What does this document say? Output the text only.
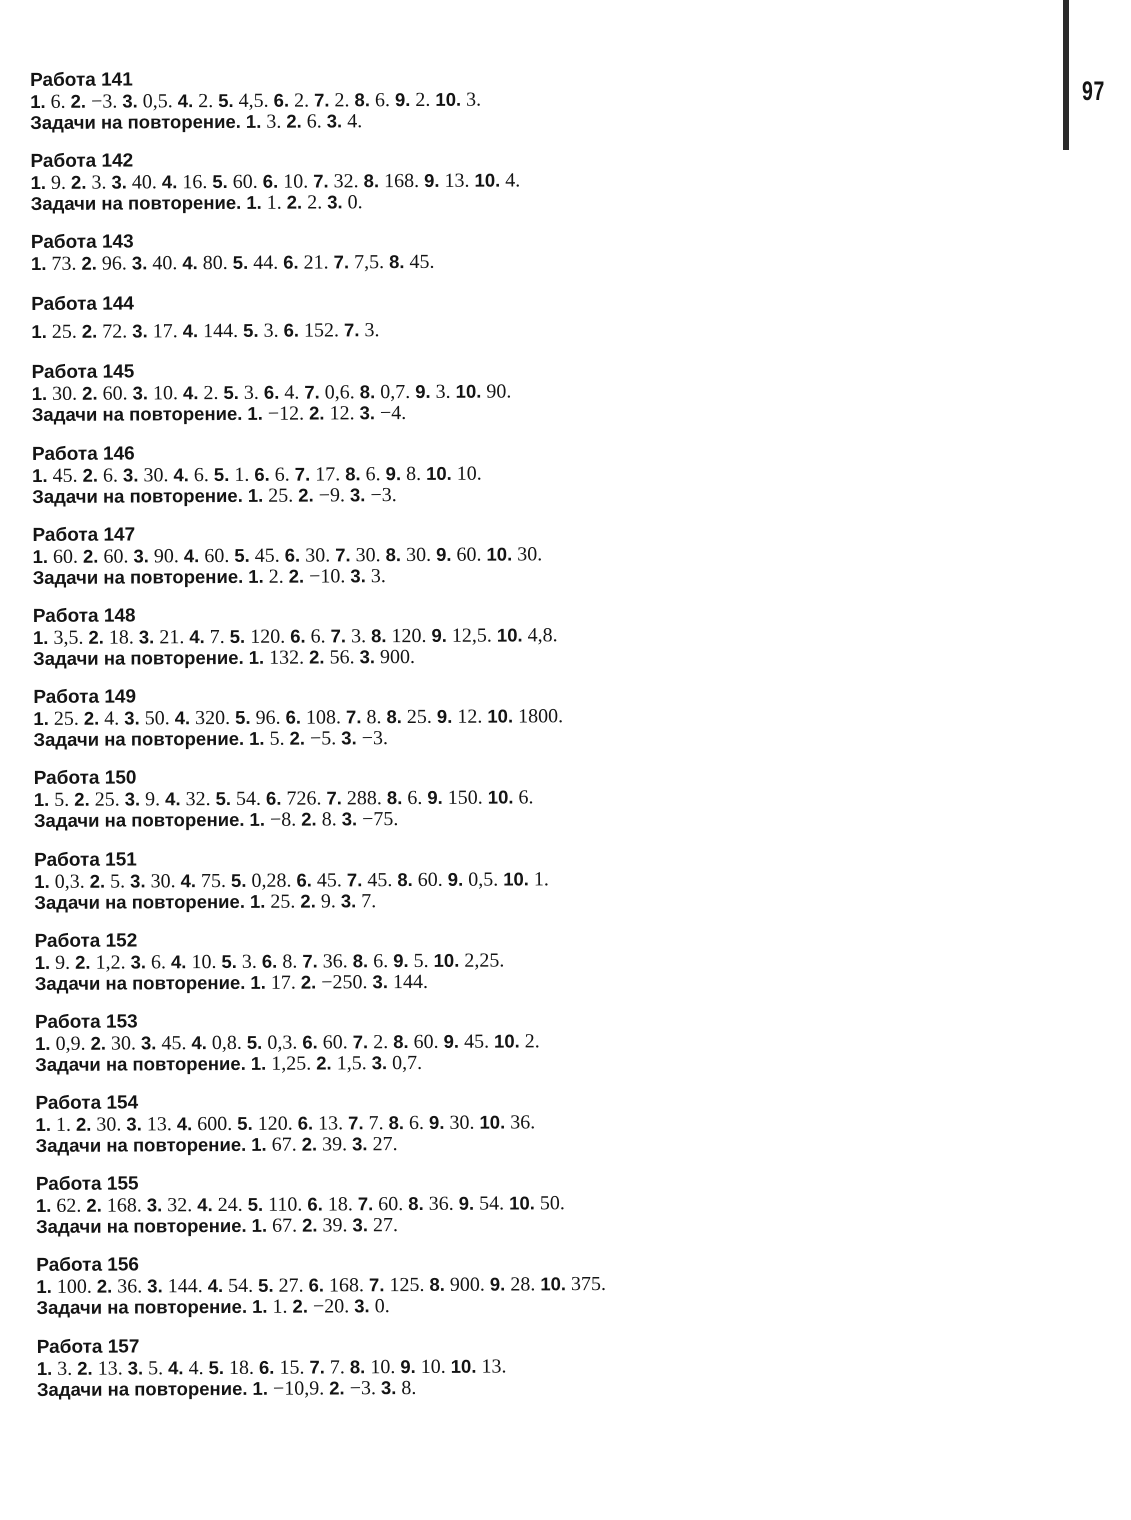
97
Работа 141
1. 6. 2. −3. 3. 0,5. 4. 2. 5. 4,5. 6. 2. 7. 2. 8. 6. 9. 2. 10. 3.
Задачи на повторение. 1. 3. 2. 6. 3. 4.
Работа 142
1. 9. 2. 3. 3. 40. 4. 16. 5. 60. 6. 10. 7. 32. 8. 168. 9. 13. 10. 4.
Задачи на повторение. 1. 1. 2. 2. 3. 0.
Работа 143
1. 73. 2. 96. 3. 40. 4. 80. 5. 44. 6. 21. 7. 7,5. 8. 45.
Работа 144
1. 25. 2. 72. 3. 17. 4. 144. 5. 3. 6. 152. 7. 3.
Работа 145
1. 30. 2. 60. 3. 10. 4. 2. 5. 3. 6. 4. 7. 0,6. 8. 0,7. 9. 3. 10. 90.
Задачи на повторение. 1. −12. 2. 12. 3. −4.
Работа 146
1. 45. 2. 6. 3. 30. 4. 6. 5. 1. 6. 6. 7. 17. 8. 6. 9. 8. 10. 10.
Задачи на повторение. 1. 25. 2. −9. 3. −3.
Работа 147
1. 60. 2. 60. 3. 90. 4. 60. 5. 45. 6. 30. 7. 30. 8. 30. 9. 60. 10. 30.
Задачи на повторение. 1. 2. 2. −10. 3. 3.
Работа 148
1. 3,5. 2. 18. 3. 21. 4. 7. 5. 120. 6. 6. 7. 3. 8. 120. 9. 12,5. 10. 4,8.
Задачи на повторение. 1. 132. 2. 56. 3. 900.
Работа 149
1. 25. 2. 4. 3. 50. 4. 320. 5. 96. 6. 108. 7. 8. 8. 25. 9. 12. 10. 1800.
Задачи на повторение. 1. 5. 2. −5. 3. −3.
Работа 150
1. 5. 2. 25. 3. 9. 4. 32. 5. 54. 6. 726. 7. 288. 8. 6. 9. 150. 10. 6.
Задачи на повторение. 1. −8. 2. 8. 3. −75.
Работа 151
1. 0,3. 2. 5. 3. 30. 4. 75. 5. 0,28. 6. 45. 7. 45. 8. 60. 9. 0,5. 10. 1.
Задачи на повторение. 1. 25. 2. 9. 3. 7.
Работа 152
1. 9. 2. 1,2. 3. 6. 4. 10. 5. 3. 6. 8. 7. 36. 8. 6. 9. 5. 10. 2,25.
Задачи на повторение. 1. 17. 2. −250. 3. 144.
Работа 153
1. 0,9. 2. 30. 3. 45. 4. 0,8. 5. 0,3. 6. 60. 7. 2. 8. 60. 9. 45. 10. 2.
Задачи на повторение. 1. 1,25. 2. 1,5. 3. 0,7.
Работа 154
1. 1. 2. 30. 3. 13. 4. 600. 5. 120. 6. 13. 7. 7. 8. 6. 9. 30. 10. 36.
Задачи на повторение. 1. 67. 2. 39. 3. 27.
Работа 155
1. 62. 2. 168. 3. 32. 4. 24. 5. 110. 6. 18. 7. 60. 8. 36. 9. 54. 10. 50.
Задачи на повторение. 1. 67. 2. 39. 3. 27.
Работа 156
1. 100. 2. 36. 3. 144. 4. 54. 5. 27. 6. 168. 7. 125. 8. 900. 9. 28. 10. 375.
Задачи на повторение. 1. 1. 2. −20. 3. 0.
Работа 157
1. 3. 2. 13. 3. 5. 4. 4. 5. 18. 6. 15. 7. 7. 8. 10. 9. 10. 10. 13.
Задачи на повторение. 1. −10,9. 2. −3. 3. 8.
